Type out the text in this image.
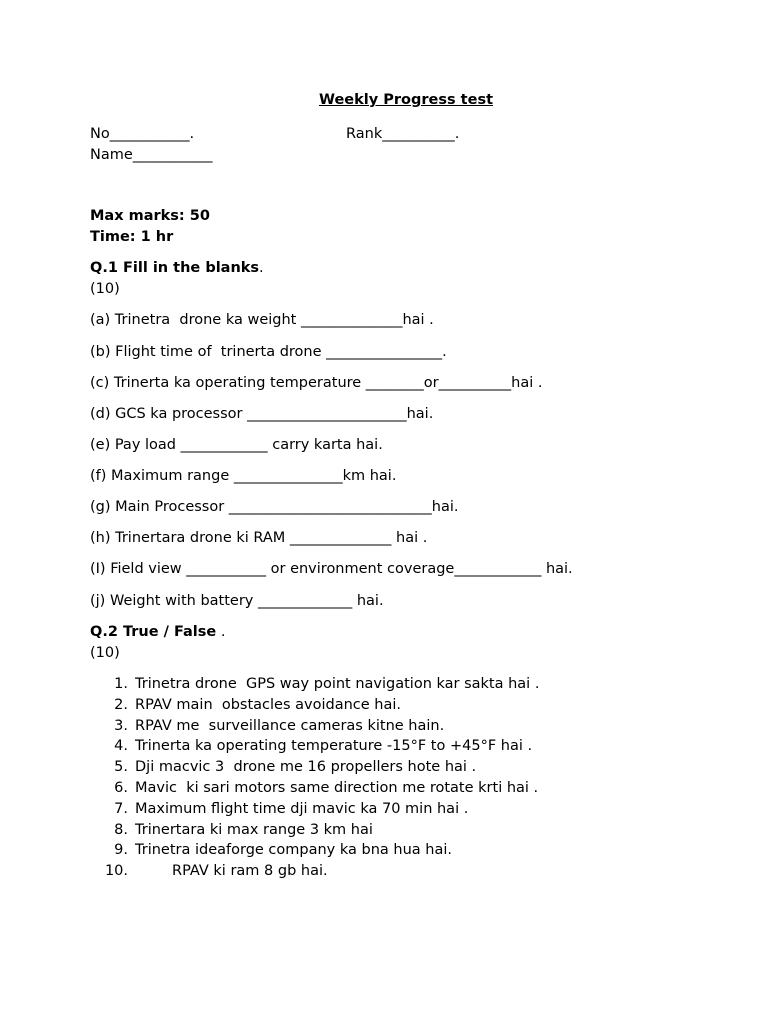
Weekly Progress test
No___________.	Rank__________.
Name___________
Max marks: 50
Time: 1 hr
Q.1 Fill in the blanks.
(10)
(a) Trinetra  drone ka weight ______________hai .
(b) Flight time of  trinerta drone ________________.
(c) Trinerta ka operating temperature ________or__________hai .
(d) GCS ka processor ______________________hai.
(e) Pay load ____________ carry karta hai.
(f) Maximum range _______________km hai.
(g) Main Processor ____________________________hai.
(h) Trinertara drone ki RAM ______________ hai .
(I) Field view ___________ or environment coverage____________ hai.
(j) Weight with battery _____________ hai.
Q.2 True / False .
(10)
1. Trinetra drone  GPS way point navigation kar sakta hai .
2. RPAV main  obstacles avoidance hai.
3. RPAV me  surveillance cameras kitne hain.
4. Trinerta ka operating temperature -15°F to +45°F hai .
5. Dji macvic 3  drone me 16 propellers hote hai .
6. Mavic  ki sari motors same direction me rotate krti hai .
7. Maximum flight time dji mavic ka 70 min hai .
8. Trinertara ki max range 3 km hai
9. Trinetra ideaforge company ka bna hua hai.
10.	RPAV ki ram 8 gb hai.
